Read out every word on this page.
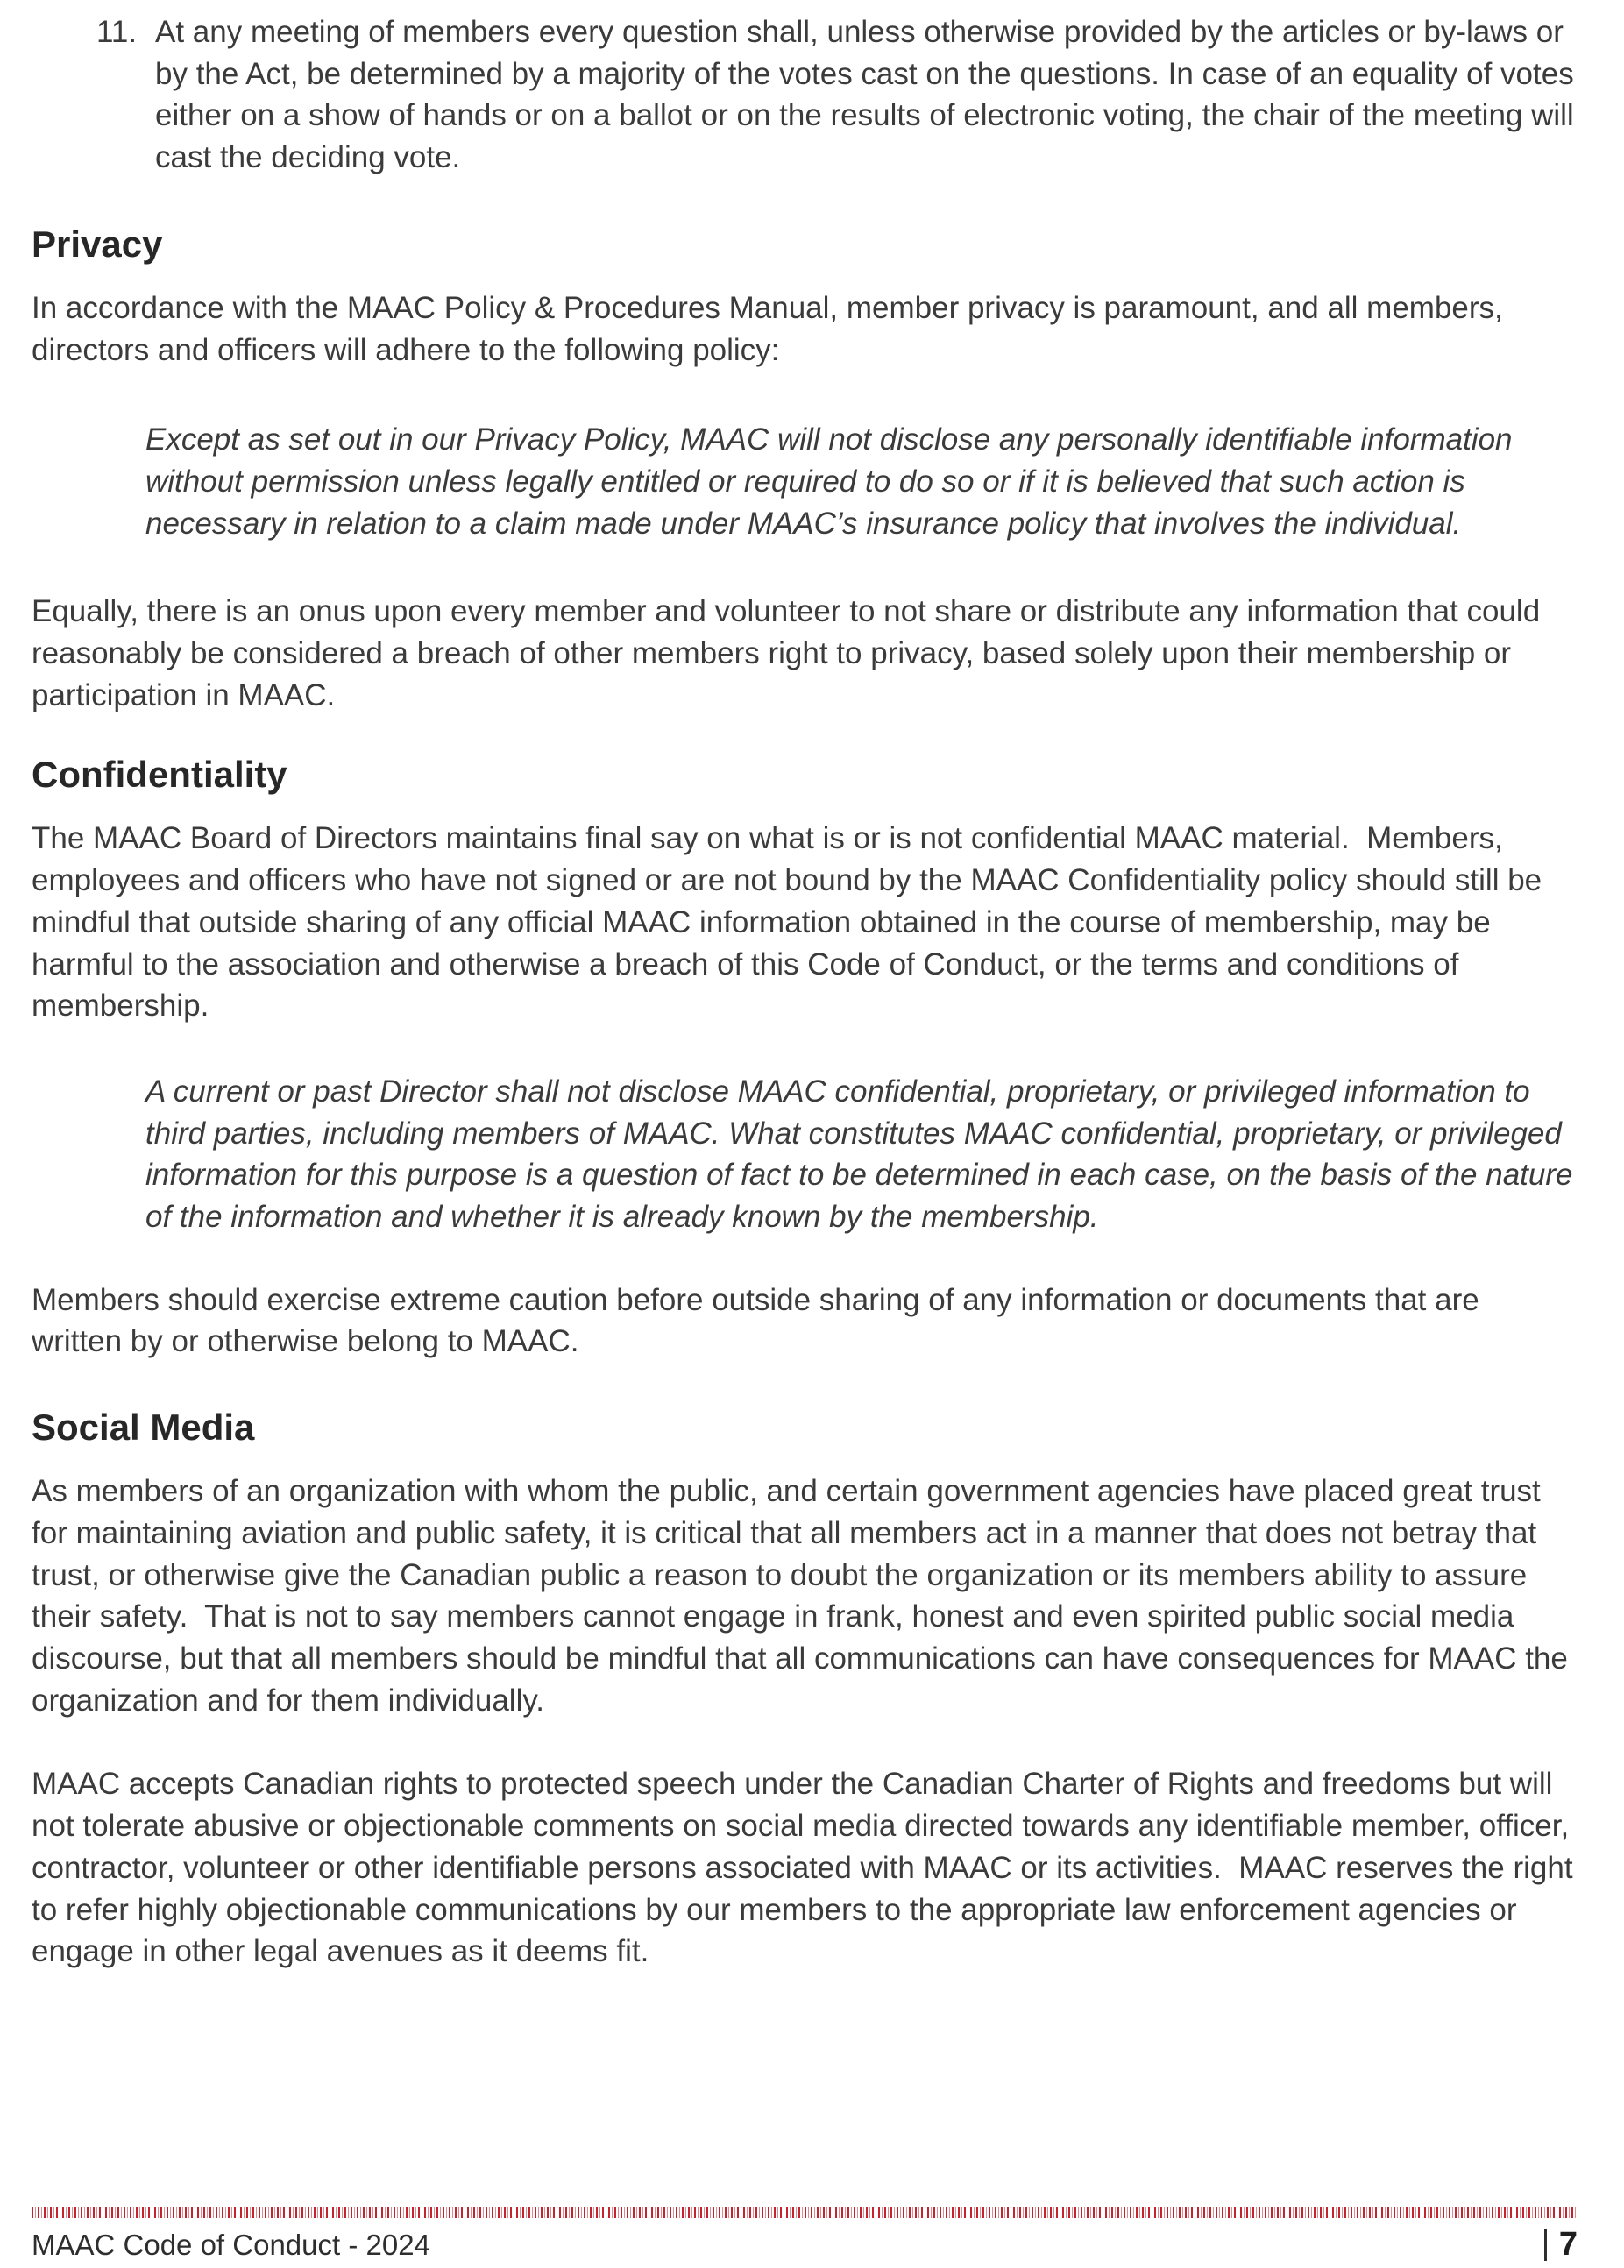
11. At any meeting of members every question shall, unless otherwise provided by the articles or by-laws or by the Act, be determined by a majority of the votes cast on the questions. In case of an equality of votes either on a show of hands or on a ballot or on the results of electronic voting, the chair of the meeting will cast the deciding vote.

Privacy

In accordance with the MAAC Policy & Procedures Manual, member privacy is paramount, and all members, directors and officers will adhere to the following policy:

Except as set out in our Privacy Policy, MAAC will not disclose any personally identifiable information without permission unless legally entitled or required to do so or if it is believed that such action is necessary in relation to a claim made under MAAC’s insurance policy that involves the individual.

Equally, there is an onus upon every member and volunteer to not share or distribute any information that could reasonably be considered a breach of other members right to privacy, based solely upon their membership or participation in MAAC.

Confidentiality

The MAAC Board of Directors maintains final say on what is or is not confidential MAAC material.  Members, employees and officers who have not signed or are not bound by the MAAC Confidentiality policy should still be mindful that outside sharing of any official MAAC information obtained in the course of membership, may be harmful to the association and otherwise a breach of this Code of Conduct, or the terms and conditions of membership.

A current or past Director shall not disclose MAAC confidential, proprietary, or privileged information to third parties, including members of MAAC. What constitutes MAAC confidential, proprietary, or privileged information for this purpose is a question of fact to be determined in each case, on the basis of the nature of the information and whether it is already known by the membership.

Members should exercise extreme caution before outside sharing of any information or documents that are written by or otherwise belong to MAAC.

Social Media

As members of an organization with whom the public, and certain government agencies have placed great trust for maintaining aviation and public safety, it is critical that all members act in a manner that does not betray that trust, or otherwise give the Canadian public a reason to doubt the organization or its members ability to assure their safety.  That is not to say members cannot engage in frank, honest and even spirited public social media discourse, but that all members should be mindful that all communications can have consequences for MAAC the organization and for them individually.

MAAC accepts Canadian rights to protected speech under the Canadian Charter of Rights and freedoms but will not tolerate abusive or objectionable comments on social media directed towards any identifiable member, officer, contractor, volunteer or other identifiable persons associated with MAAC or its activities.  MAAC reserves the right to refer highly objectionable communications by our members to the appropriate law enforcement agencies or engage in other legal avenues as it deems fit.

MAAC Code of Conduct - 2024	7
